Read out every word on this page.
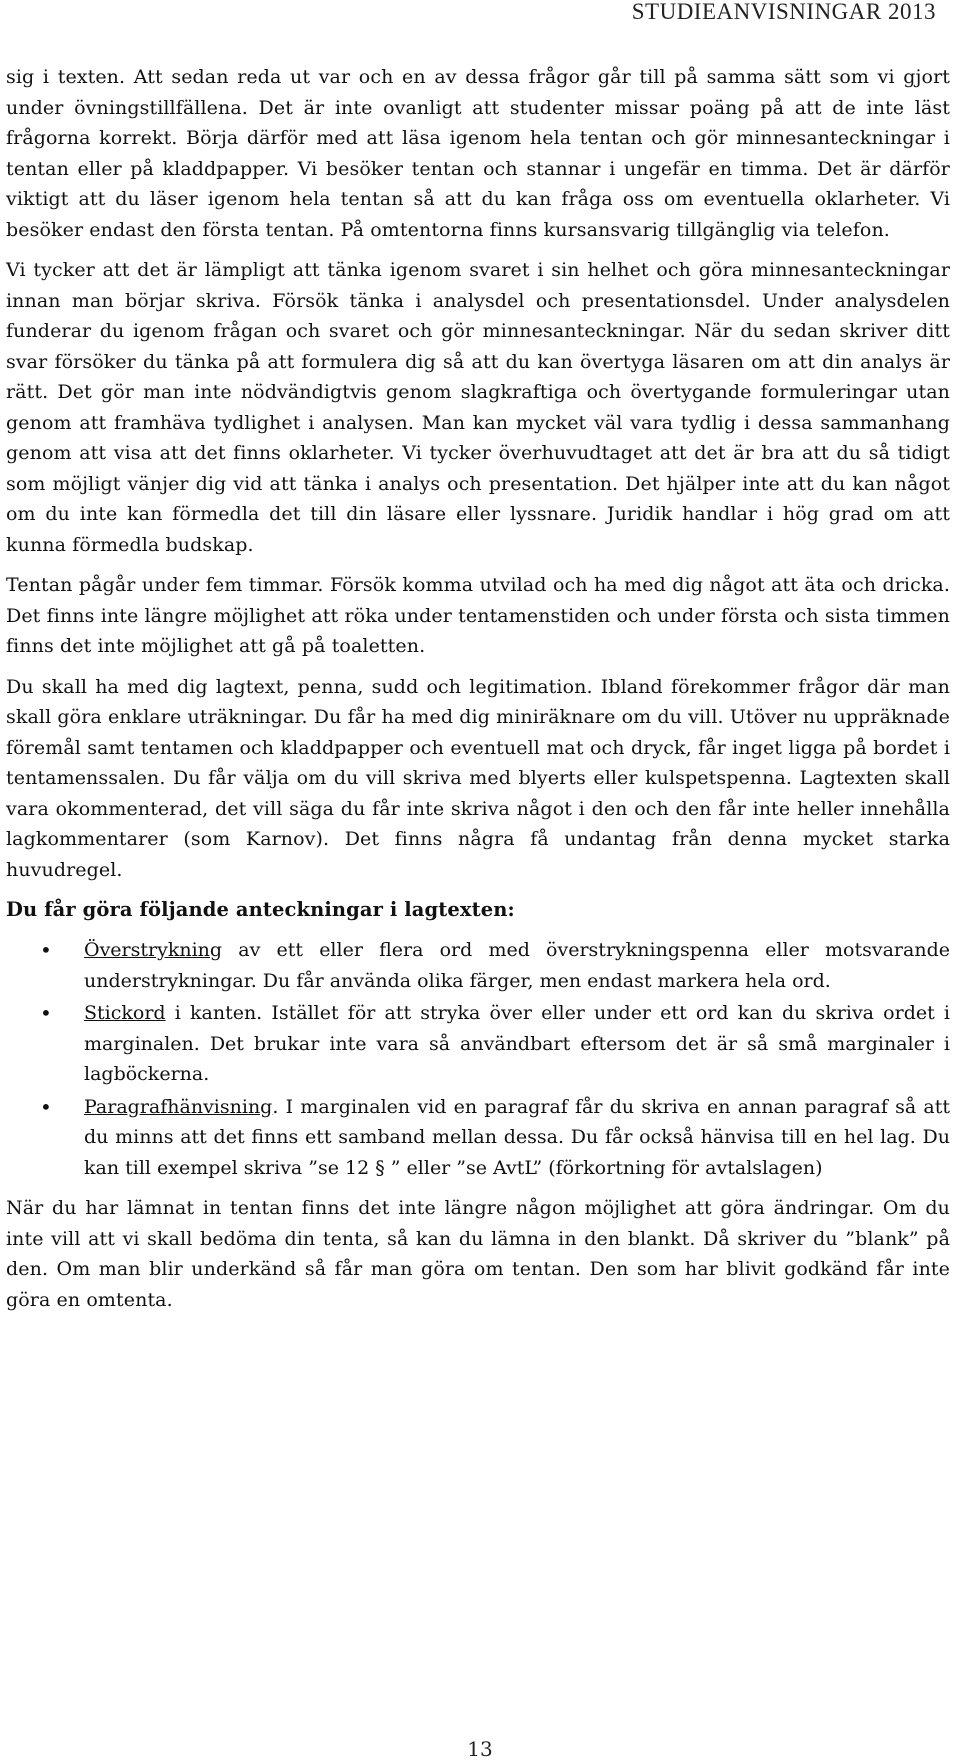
STUDIEANVISNINGAR 2013

sig i texten. Att sedan reda ut var och en av dessa frågor går till på samma sätt som vi gjort under övningstillfällena. Det är inte ovanligt att studenter missar poäng på att de inte läst frågorna korrekt. Börja därför med att läsa igenom hela tentan och gör minnesanteckningar i tentan eller på kladdpapper. Vi besöker tentan och stannar i ungefär en timma. Det är därför viktigt att du läser igenom hela tentan så att du kan fråga oss om eventuella oklarheter. Vi besöker endast den första tentan. På omtentorna finns kursansvarig tillgänglig via telefon.

Vi tycker att det är lämpligt att tänka igenom svaret i sin helhet och göra minnesanteckningar innan man börjar skriva. Försök tänka i analysdel och presentationsdel. Under analysdelen funderar du igenom frågan och svaret och gör minnesanteckningar. När du sedan skriver ditt svar försöker du tänka på att formulera dig så att du kan övertyga läsaren om att din analys är rätt. Det gör man inte nödvändigtvis genom slagkraftiga och övertygande formuleringar utan genom att framhäva tydlighet i analysen. Man kan mycket väl vara tydlig i dessa sammanhang genom att visa att det finns oklarheter. Vi tycker överhuvudtaget att det är bra att du så tidigt som möjligt vänjer dig vid att tänka i analys och presentation. Det hjälper inte att du kan något om du inte kan förmedla det till din läsare eller lyssnare. Juridik handlar i hög grad om att kunna förmedla budskap.

Tentan pågår under fem timmar. Försök komma utvilad och ha med dig något att äta och dricka. Det finns inte längre möjlighet att röka under tentamenstiden och under första och sista timmen finns det inte möjlighet att gå på toaletten.

Du skall ha med dig lagtext, penna, sudd och legitimation. Ibland förekommer frågor där man skall göra enklare uträkningar. Du får ha med dig miniräknare om du vill. Utöver nu uppräknade föremål samt tentamen och kladdpapper och eventuell mat och dryck, får inget ligga på bordet i tentamenssalen. Du får välja om du vill skriva med blyerts eller kulspetspenna. Lagtexten skall vara okommenterad, det vill säga du får inte skriva något i den och den får inte heller innehålla lagkommentarer (som Karnov). Det finns några få undantag från denna mycket starka huvudregel.

Du får göra följande anteckningar i lagtexten:

• Överstrykning av ett eller flera ord med överstrykningspenna eller motsvarande understrykningar. Du får använda olika färger, men endast markera hela ord.
• Stickord i kanten. Istället för att stryka över eller under ett ord kan du skriva ordet i marginalen. Det brukar inte vara så användbart eftersom det är så små marginaler i lagböckerna.
• Paragrafhänvisning. I marginalen vid en paragraf får du skriva en annan paragraf så att du minns att det finns ett samband mellan dessa. Du får också hänvisa till en hel lag. Du kan till exempel skriva ”se 12 § ” eller ”se AvtL” (förkortning för avtalslagen)

När du har lämnat in tentan finns det inte längre någon möjlighet att göra ändringar. Om du inte vill att vi skall bedöma din tenta, så kan du lämna in den blankt. Då skriver du ”blank” på den. Om man blir underkänd så får man göra om tentan. Den som har blivit godkänd får inte göra en omtenta.

13
